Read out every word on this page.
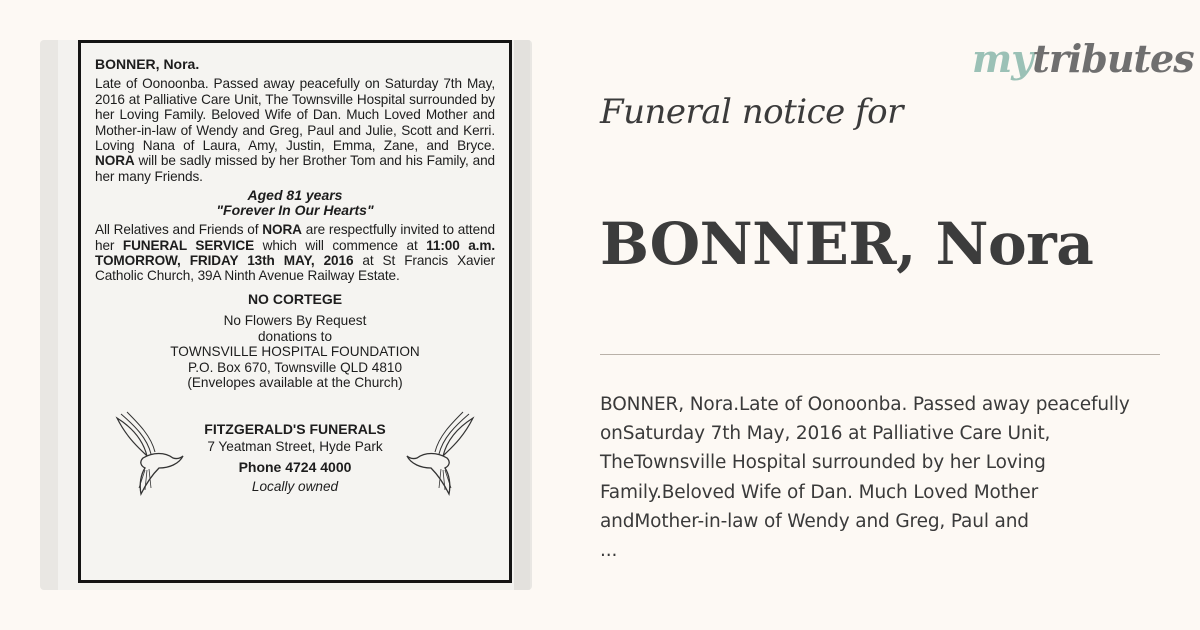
BONNER, Nora.
Late of Oonoonba. Passed away peacefully on Saturday 7th May, 2016 at Palliative Care Unit, The Townsville Hospital surrounded by her Loving Family. Beloved Wife of Dan. Much Loved Mother and Mother-in-law of Wendy and Greg, Paul and Julie, Scott and Kerri. Loving Nana of Laura, Amy, Justin, Emma, Zane, and Bryce. NORA will be sadly missed by her Brother Tom and his Family, and her many Friends.
Aged 81 years
"Forever In Our Hearts"
All Relatives and Friends of NORA are respectfully invited to attend her FUNERAL SERVICE which will commence at 11:00 a.m. TOMORROW, FRIDAY 13th MAY, 2016 at St Francis Xavier Catholic Church, 39A Ninth Avenue Railway Estate.
NO CORTEGE
No Flowers By Request
donations to
TOWNSVILLE HOSPITAL FOUNDATION
P.O. Box 670, Townsville QLD 4810
(Envelopes available at the Church)
FITZGERALD'S FUNERALS
7 Yeatman Street, Hyde Park
Phone 4724 4000
Locally owned
mytributes
Funeral notice for
BONNER, Nora
BONNER, Nora.Late of Oonoonba. Passed away peacefully
onSaturday 7th May, 2016 at Palliative Care Unit,
TheTownsville Hospital surrounded by her Loving
Family.Beloved Wife of Dan. Much Loved Mother
andMother-in-law of Wendy and Greg, Paul and
...
